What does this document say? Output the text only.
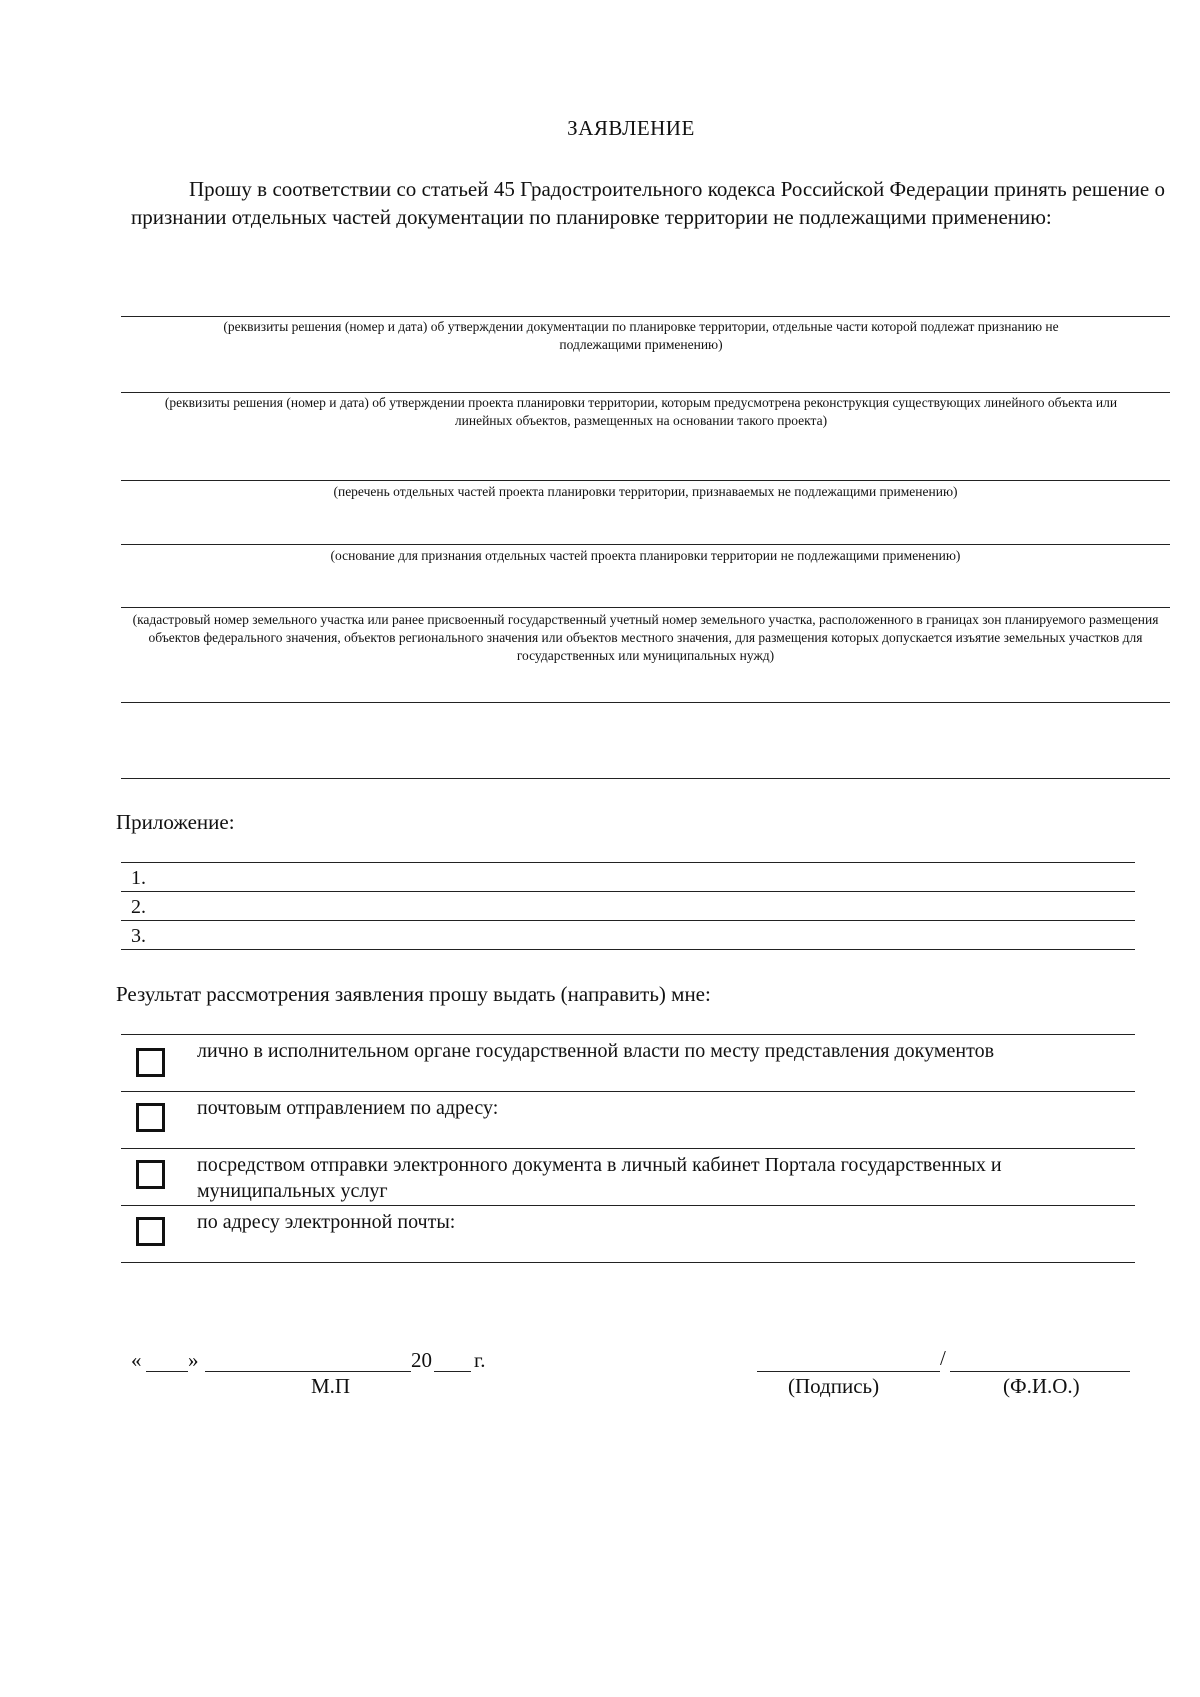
ЗАЯВЛЕНИЕ
Прошу в соответствии со статьей 45 Градостроительного кодекса Российской Федерации принять решение о признании отдельных частей документации по планировке территории не подлежащими применению:
(реквизиты решения (номер и дата) об утверждении документации по планировке территории, отдельные части которой подлежат признанию не подлежащими применению)
(реквизиты решения (номер и дата) об утверждении проекта планировки территории, которым предусмотрена реконструкция существующих линейного объекта или линейных объектов, размещенных на основании такого проекта)
(перечень отдельных частей проекта планировки территории, признаваемых не подлежащими применению)
(основание для признания отдельных частей проекта планировки территории не подлежащими применению)
(кадастровый номер земельного участка или ранее присвоенный государственный учетный номер земельного участка, расположенного в границах зон планируемого размещения объектов федерального значения, объектов регионального значения или объектов местного значения, для размещения которых допускается изъятие земельных участков для государственных или муниципальных нужд)
Приложение:
1.
2.
3.
Результат рассмотрения заявления прошу выдать (направить) мне:
лично в исполнительном органе государственной власти по месту представления документов
почтовым отправлением по адресу:
посредством отправки электронного документа в личный кабинет Портала государственных и муниципальных услуг
по адресу электронной почты:
« »	20 г.
М.П
/
(Подпись)	(Ф.И.О.)
